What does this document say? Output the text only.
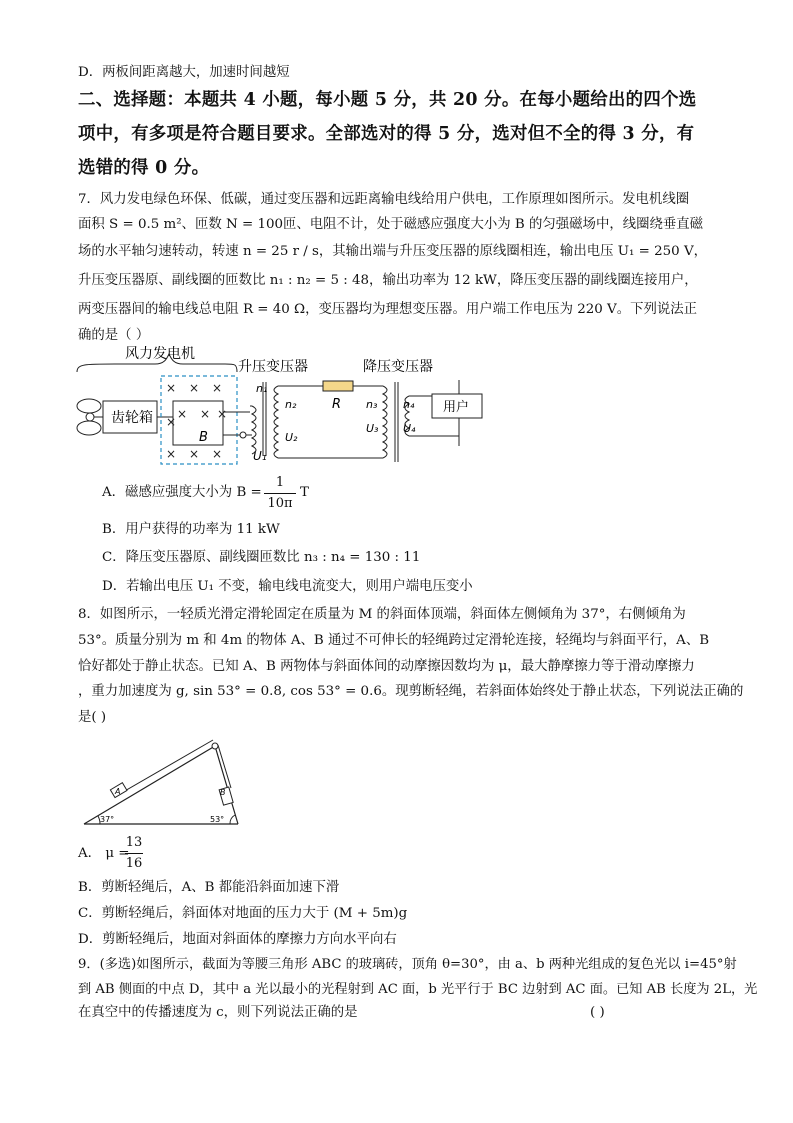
D．两板间距离越大，加速时间越短
二、选择题：本题共 4 小题，每小题 5 分，共 20 分。在每小题给出的四个选
项中，有多项是符合题目要求。全部选对的得 5 分，选对但不全的得 3 分，有
选错的得 0 分。
7．风力发电绿色环保、低碳，通过变压器和远距离输电线给用户供电，工作原理如图所示。发电机线圈
面积 S = 0.5 m²、匝数 N = 100匝、电阻不计，处于磁感应强度大小为 B 的匀强磁场中，线圈绕垂直磁
场的水平轴匀速转动，转速 n = 25 r / s，其输出端与升压变压器的原线圈相连，输出电压 U₁ = 250 V，
升压变压器原、副线圈的匝数比 n₁ : n₂ = 5 : 48，输出功率为 12 kW，降压变压器的副线圈连接用户，
两变压器间的输电线总电阻 R = 40 Ω，变压器均为理想变压器。用户端工作电压为 220 V。下列说法正
确的是（ ）
风力发电机
升压变压器	降压变压器
齿轮箱
× × ×
× × ×
× × ×
×
B
U₁
n₁
n₂
U₂
R n₃
U₃
n₄
U₄
用户
A．磁感应强度大小为 B =
1
10π
T
B．用户获得的功率为 11 kW
C．降压变压器原、副线圈匝数比 n₃ : n₄ = 130 : 11
D．若输出电压 U₁ 不变，输电线电流变大，则用户端电压变小
8．如图所示，一轻质光滑定滑轮固定在质量为 M 的斜面体顶端，斜面体左侧倾角为 37°，右侧倾角为
53°。质量分别为 m 和 4m 的物体 A、B 通过不可伸长的轻绳跨过定滑轮连接，轻绳均与斜面平行，A、B
恰好都处于静止状态。已知 A、B 两物体与斜面体间的动摩擦因数均为 μ，最大静摩擦力等于滑动摩擦力
，重力加速度为 g, sin 53° = 0.8, cos 53° = 0.6。现剪断轻绳，若斜面体始终处于静止状态，下列说法正确的
是( )
A	B
37°	53°
A． μ =
13
16
B．剪断轻绳后，A、B 都能沿斜面加速下滑
C．剪断轻绳后，斜面体对地面的压力大于 (M + 5m)g
D．剪断轻绳后，地面对斜面体的摩擦力方向水平向右
9．(多选)如图所示，截面为等腰三角形 ABC 的玻璃砖，顶角 θ=30°，由 a、b 两种光组成的复色光以 i=45°射
到 AB 侧面的中点 D，其中 a 光以最小的光程射到 AC 面，b 光平行于 BC 边射到 AC 面。已知 AB 长度为 2L，光
在真空中的传播速度为 c，则下列说法正确的是	( )
